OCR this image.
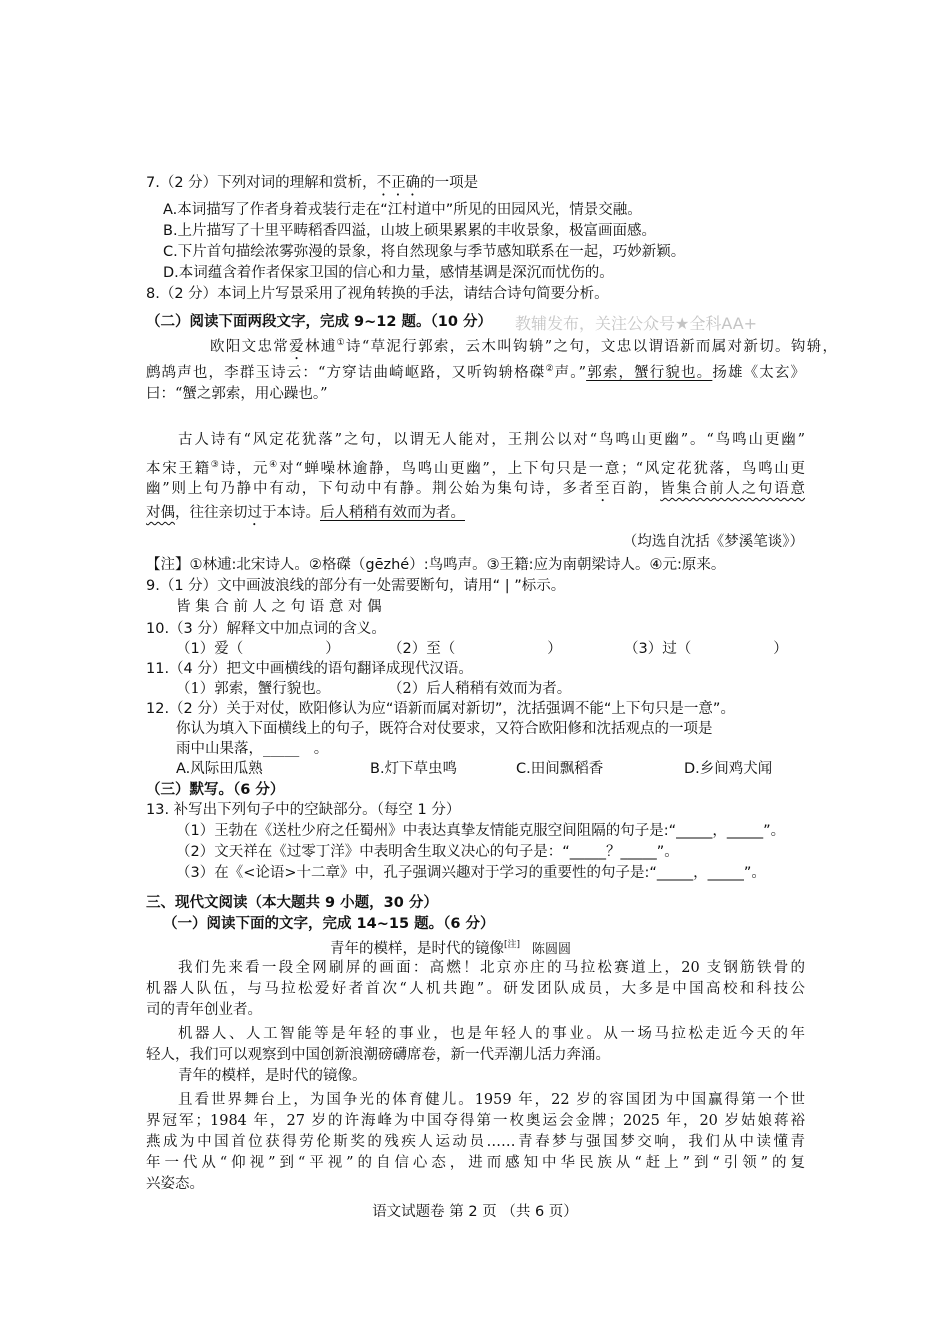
7.（2 分）下列对词的理解和赏析，不正确的一项是
A.本词描写了作者身着戎装行走在“江村道中”所见的田园风光，情景交融。
B.上片描写了十里平畴稻香四溢，山坡上硕果累累的丰收景象，极富画面感。
C.下片首句描绘浓雾弥漫的景象，将自然现象与季节感知联系在一起，巧妙新颖。
D.本词蕴含着作者保家卫国的信心和力量，感情基调是深沉而忧伤的。
8.（2 分）本词上片写景采用了视角转换的手法，请结合诗句简要分析。
（二）阅读下面两段文字，完成 9~12 题。（10 分） 教辅发布，关注公众号★全科AA+
欧阳文忠常爱林逋①诗“草泥行郭索，云木叫钩辀”之句，文忠以谓语新而属对新切。钩辀，
鹧鸪声也，李群玉诗云：“方穿诘曲崎岖路，又听钩辀格磔②声。”郭索，蟹行貌也。扬雄《太玄》
曰：“蟹之郭索，用心躁也。”
古人诗有“风定花犹落”之句，以谓无人能对，王荆公以对“鸟鸣山更幽”。“鸟鸣山更幽”
本宋王籍③诗，元④对“蝉噪林逾静，鸟鸣山更幽”，上下句只是一意；“风定花犹落，鸟鸣山更
幽”则上句乃静中有动，下句动中有静。荆公始为集句诗，多者至百韵，皆集合前人之句语意
对偶，往往亲切过于本诗。后人稍稍有效而为者。
（均选自沈括《梦溪笔谈》）
【注】①林逋:北宋诗人。②格磔（gēzhé）:鸟鸣声。③王籍:应为南朝梁诗人。④元:原来。
9.（1 分）文中画波浪线的部分有一处需要断句，请用“ | ”标示。
皆 集 合 前 人 之 句 语 意 对 偶
10.（3 分）解释文中加点词的含义。
（1）爱（	）	（2）至（	）	（3）过（	）
11.（4 分）把文中画横线的语句翻译成现代汉语。
（1）郭索，蟹行貌也。	（2）后人稍稍有效而为者。
12.（2 分）关于对仗，欧阳修认为应“语新而属对新切”，沈括强调不能“上下句只是一意”。
你认为填入下面横线上的句子，既符合对仗要求，又符合欧阳修和沈括观点的一项是
雨中山果落，_____　。
A.风际田瓜熟	B.灯下草虫鸣	C.田间飘稻香	D.乡间鸡犬闻
（三）默写。（6 分）
13. 补写出下列句子中的空缺部分。（每空 1 分）
（1）王勃在《送杜少府之任蜀州》中表达真挚友情能克服空间阻隔的句子是:“_____，_____”。
（2）文天祥在《过零丁洋》中表明舍生取义决心的句子是：“_____？_____”。
（3）在《<论语>十二章》中，孔子强调兴趣对于学习的重要性的句子是:“_____，_____”。
三、现代文阅读（本大题共 9 小题，30 分）
（一）阅读下面的文字，完成 14~15 题。（6 分）
青年的模样，是时代的镜像[注] 陈圆圆
我们先来看一段全网刷屏的画面：高燃！北京亦庄的马拉松赛道上，20 支钢筋铁骨的
机器人队伍，与马拉松爱好者首次“人机共跑”。研发团队成员，大多是中国高校和科技公
司的青年创业者。
机器人、人工智能等是年轻的事业，也是年轻人的事业。从一场马拉松走近今天的年
轻人，我们可以观察到中国创新浪潮磅礴席卷，新一代弄潮儿活力奔涌。
青年的模样，是时代的镜像。
且看世界舞台上，为国争光的体育健儿。1959 年，22 岁的容国团为中国赢得第一个世
界冠军；1984 年，27 岁的许海峰为中国夺得第一枚奥运会金牌；2025 年，20 岁姑娘蒋裕
燕成为中国首位获得劳伦斯奖的残疾人运动员……青春梦与强国梦交响，我们从中读懂青
年一代从“仰视”到“平视”的自信心态，进而感知中华民族从“赶上”到“引领”的复
兴姿态。
语文试题卷 第 2 页 （共 6 页）
